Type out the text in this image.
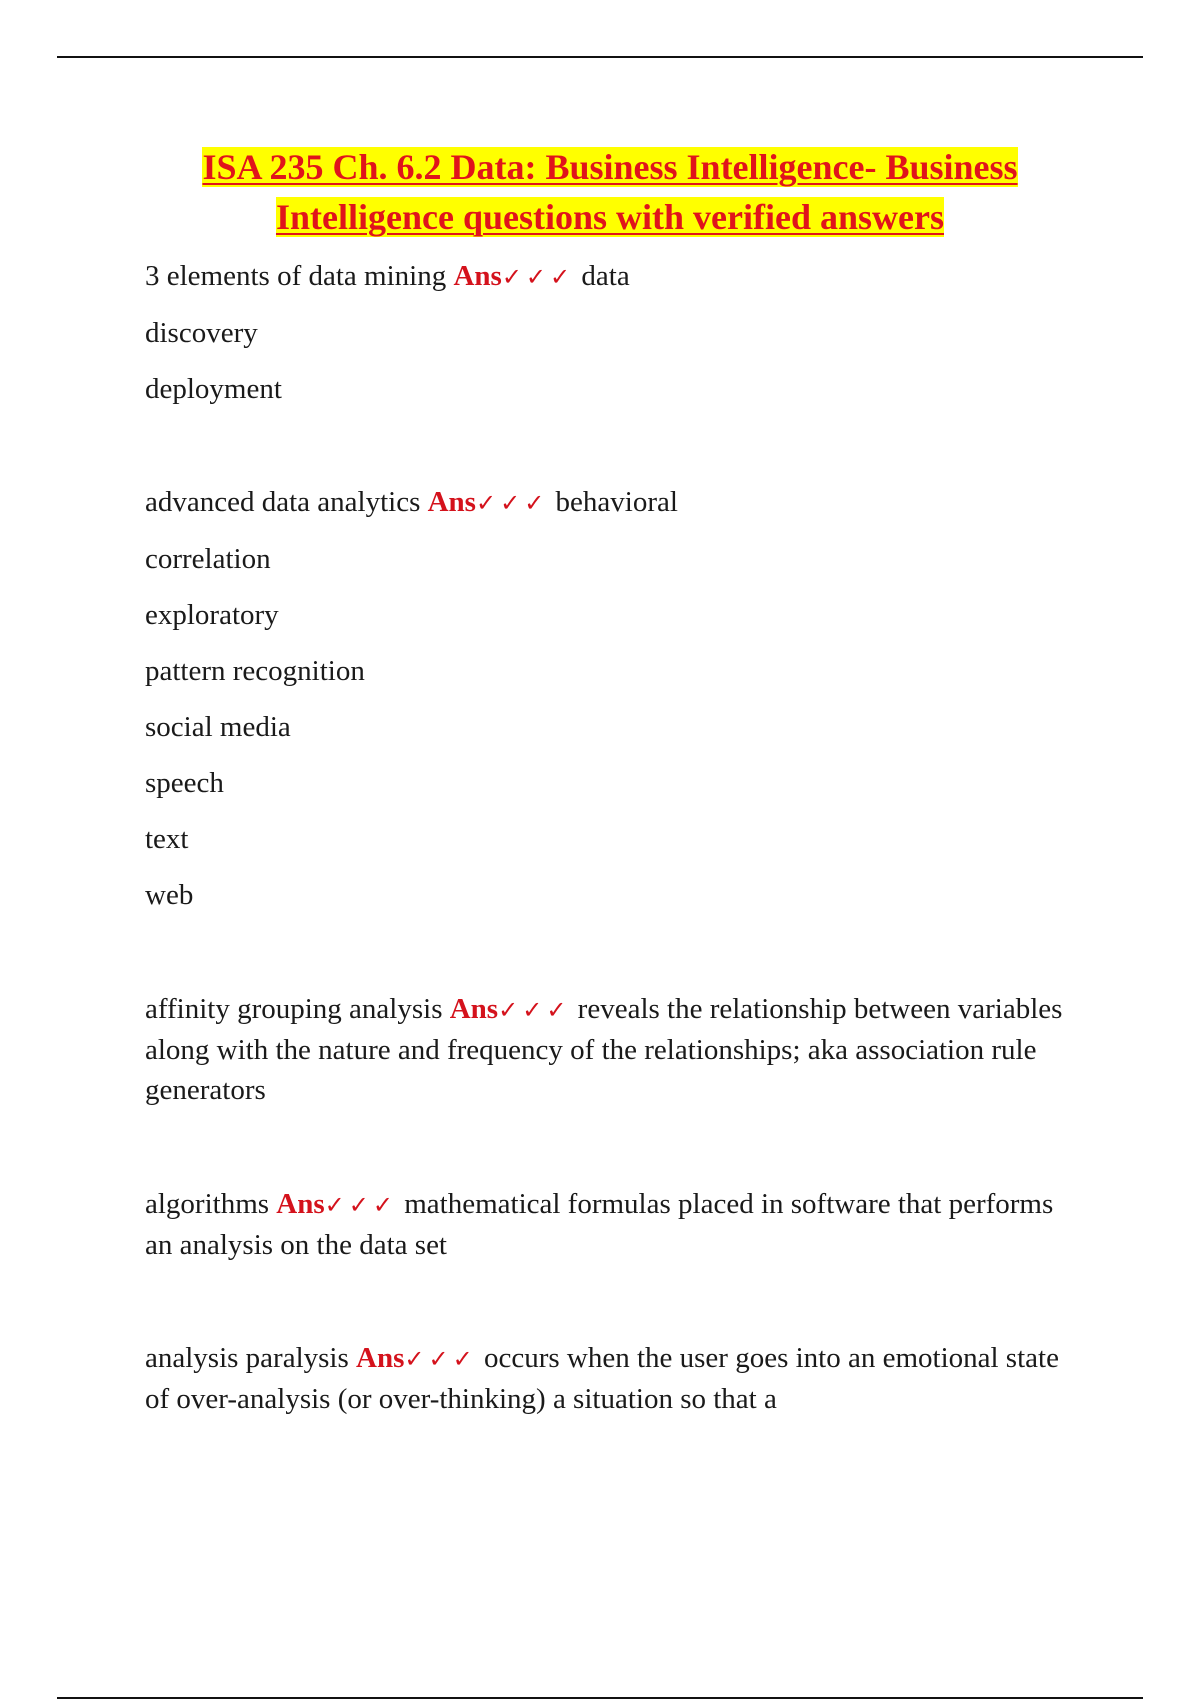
ISA 235 Ch. 6.2 Data: Business Intelligence- Business Intelligence questions with verified answers
3 elements of data mining Ans✓✓✓ data
discovery
deployment
advanced data analytics Ans✓✓✓ behavioral
correlation
exploratory
pattern recognition
social media
speech
text
web

affinity grouping analysis Ans✓✓✓ reveals the relationship between variables along with the nature and frequency of the relationships; aka association rule generators

algorithms Ans✓✓✓ mathematical formulas placed in software that performs an analysis on the data set

analysis paralysis Ans✓✓✓ occurs when the user goes into an emotional state of over-analysis (or over-thinking) a situation so that a
